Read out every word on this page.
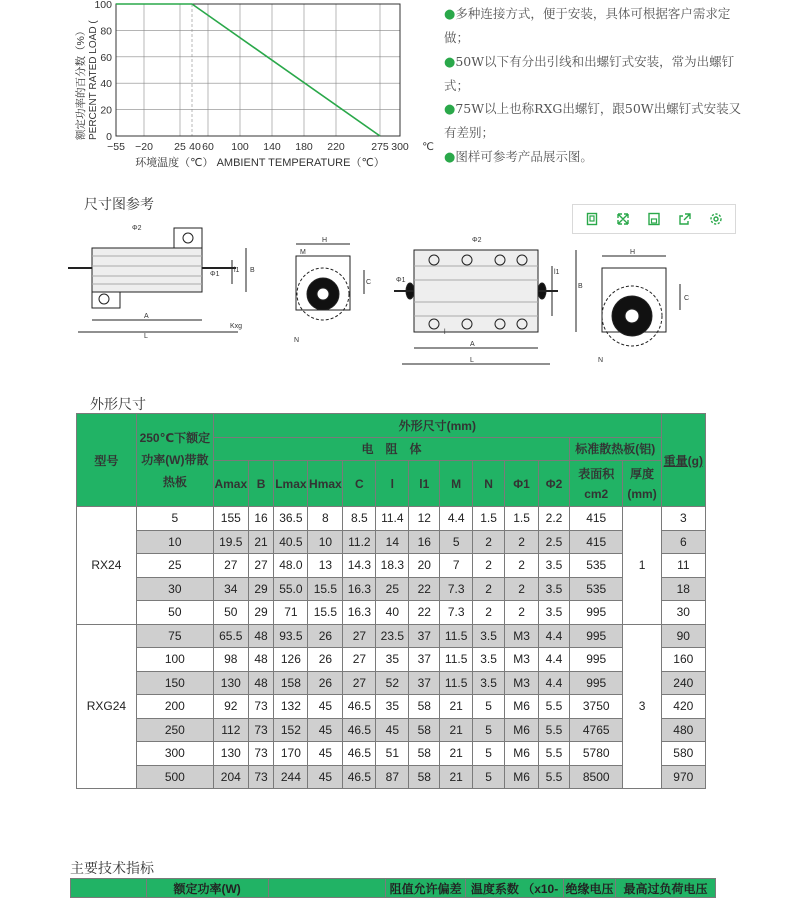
−55 −20 25 40 60 100 140 180 220	275 300 ℃
100
80
60
40
20
0
环境温度（℃） AMBIENT TEMPERATURE（℃）
额定功率的百分数（%） PERCENT RATED LOAD (
●多种连接方式，便于安装，具体可根据客户需求定做；
●50W以下有分出引线和出螺钉式安装，常为出螺钉式；
●75W以上也称RXG出螺钉，跟50W出螺钉式安装又有差别；
●图样可参考产品展示图。
尺寸图参考
Φ2
Φ1
l1 B
A
L
Kxg
H
M
C
N
Φ2
Φ1
l1
B
A
L
l
H
C
N
外形尺寸
型号	250℃下额定功率(W)带散热板	外形尺寸(mm)													重量(g)
		电　阻　体											标准散热板(铝)		

		Amax	B	Lmax	Hmax	C	l	l1	M	N	Φ1	Φ2	表面积cm2	厚度(mm)	
RX24	5	155	16	36.5	8	8.5	11.4	12	4.4	1.5	1.5	2.2	415	1	3
	10	19.5	21	40.5	10	11.2	14	16	5	2	2	2.5	415		6
	25	27	27	48.0	13	14.3	18.3	20	7	2	2	3.5	535		11
	30	34	29	55.0	15.5	16.3	25	22	7.3	2	2	3.5	535		18
	50	50	29	71	15.5	16.3	40	22	7.3	2	2	3.5	995		30
RXG24	75	65.5	48	93.5	26	27	23.5	37	11.5	3.5	M3	4.4	995	3	90
	100	98	48	126	26	27	35	37	11.5	3.5	M3	4.4	995		160
	150	130	48	158	26	27	52	37	11.5	3.5	M3	4.4	995		240
	200	92	73	132	45	46.5	35	58	21	5	M6	5.5	3750		420
	250	112	73	152	45	46.5	45	58	21	5	M6	5.5	4765		480
	300	130	73	170	45	46.5	51	58	21	5	M6	5.5	5780		580
	500	204	73	244	45	46.5	87	58	21	5	M6	5.5	8500		970
主要技术指标
	额定功率(W)		阻值允许偏差	温度系数 （x10-	绝缘电压	最高过负荷电压
